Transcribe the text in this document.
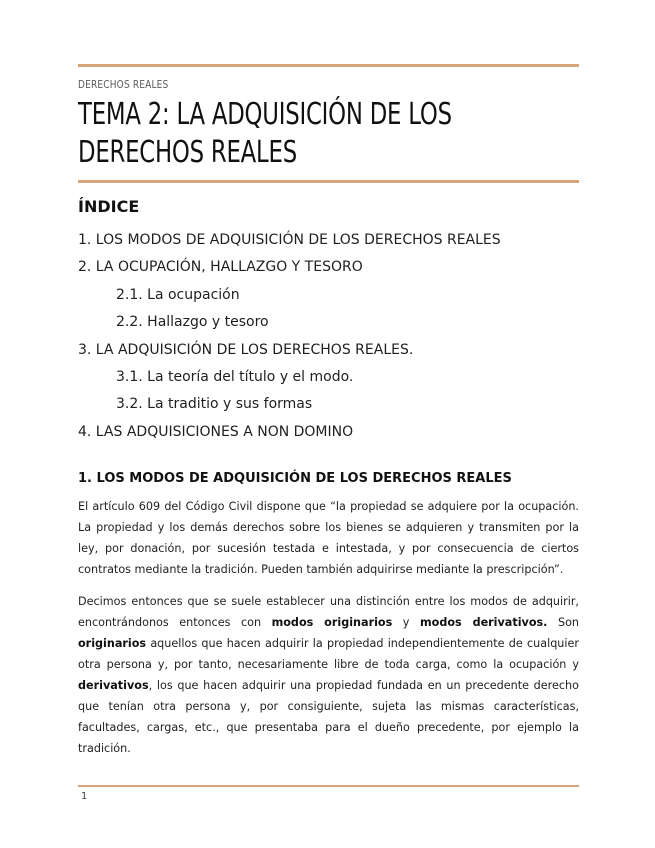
DERECHOS REALES
TEMA 2: LA ADQUISICIÓN DE LOS DERECHOS REALES
ÍNDICE
1. LOS MODOS DE ADQUISICIÓN DE LOS DERECHOS REALES
2. LA OCUPACIÓN, HALLAZGO Y TESORO
2.1. La ocupación
2.2. Hallazgo y tesoro
3. LA ADQUISICIÓN DE LOS DERECHOS REALES.
3.1. La teoría del título y el modo.
3.2. La traditio y sus formas
4. LAS ADQUISICIONES A NON DOMINO
1. LOS MODOS DE ADQUISICIÓN DE LOS DERECHOS REALES

El artículo 609 del Código Civil dispone que “la propiedad se adquiere por la ocupación. La propiedad y los demás derechos sobre los bienes se adquieren y transmiten por la ley, por donación, por sucesión testada e intestada, y por consecuencia de ciertos contratos mediante la tradición. Pueden también adquirirse mediante la prescripción”.

Decimos entonces que se suele establecer una distinción entre los modos de adquirir, encontrándonos entonces con modos originarios y modos derivativos. Son originarios aquellos que hacen adquirir la propiedad independientemente de cualquier otra persona y, por tanto, necesariamente libre de toda carga, como la ocupación y derivativos, los que hacen adquirir una propiedad fundada en un precedente derecho que tenían otra persona y, por consiguiente, sujeta las mismas características, facultades, cargas, etc., que presentaba para el dueño precedente, por ejemplo la tradición.

1
